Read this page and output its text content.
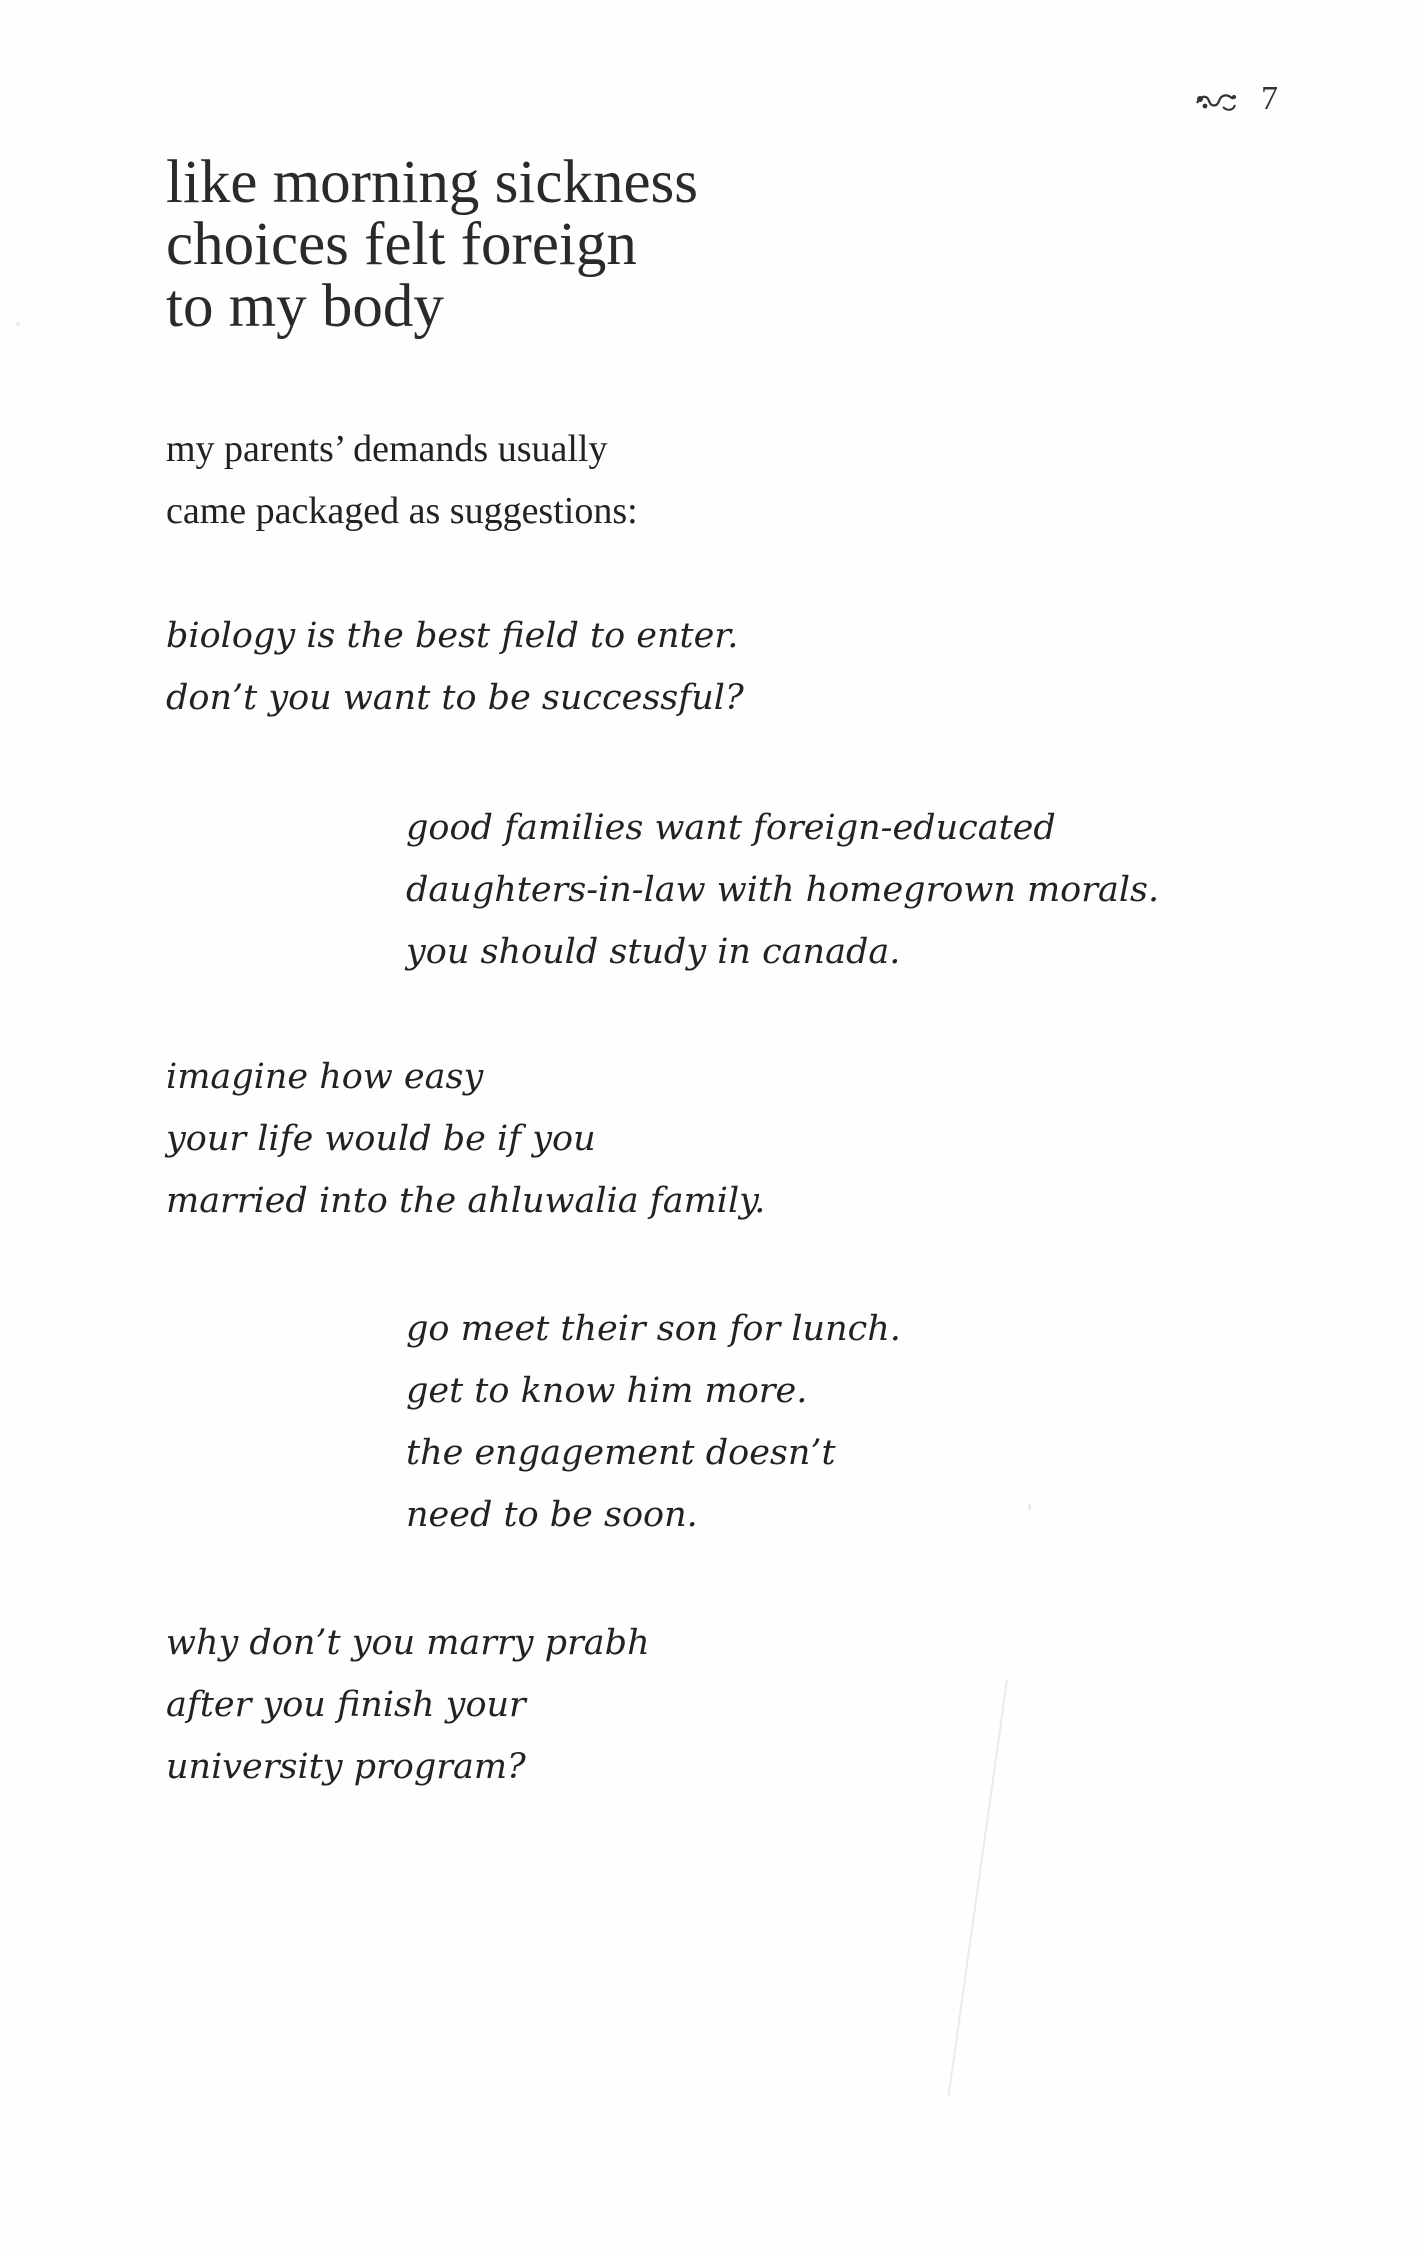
7
like morning sickness
choices felt foreign
to my body
my parents’ demands usually
came packaged as suggestions:
biology is the best field to enter.
don’t you want to be successful?
good families want foreign-educated
daughters-in-law with homegrown morals.
you should study in canada.
imagine how easy
your life would be if you
married into the ahluwalia family.
go meet their son for lunch.
get to know him more.
the engagement doesn’t
need to be soon.
why don’t you marry prabh
after you finish your
university program?
